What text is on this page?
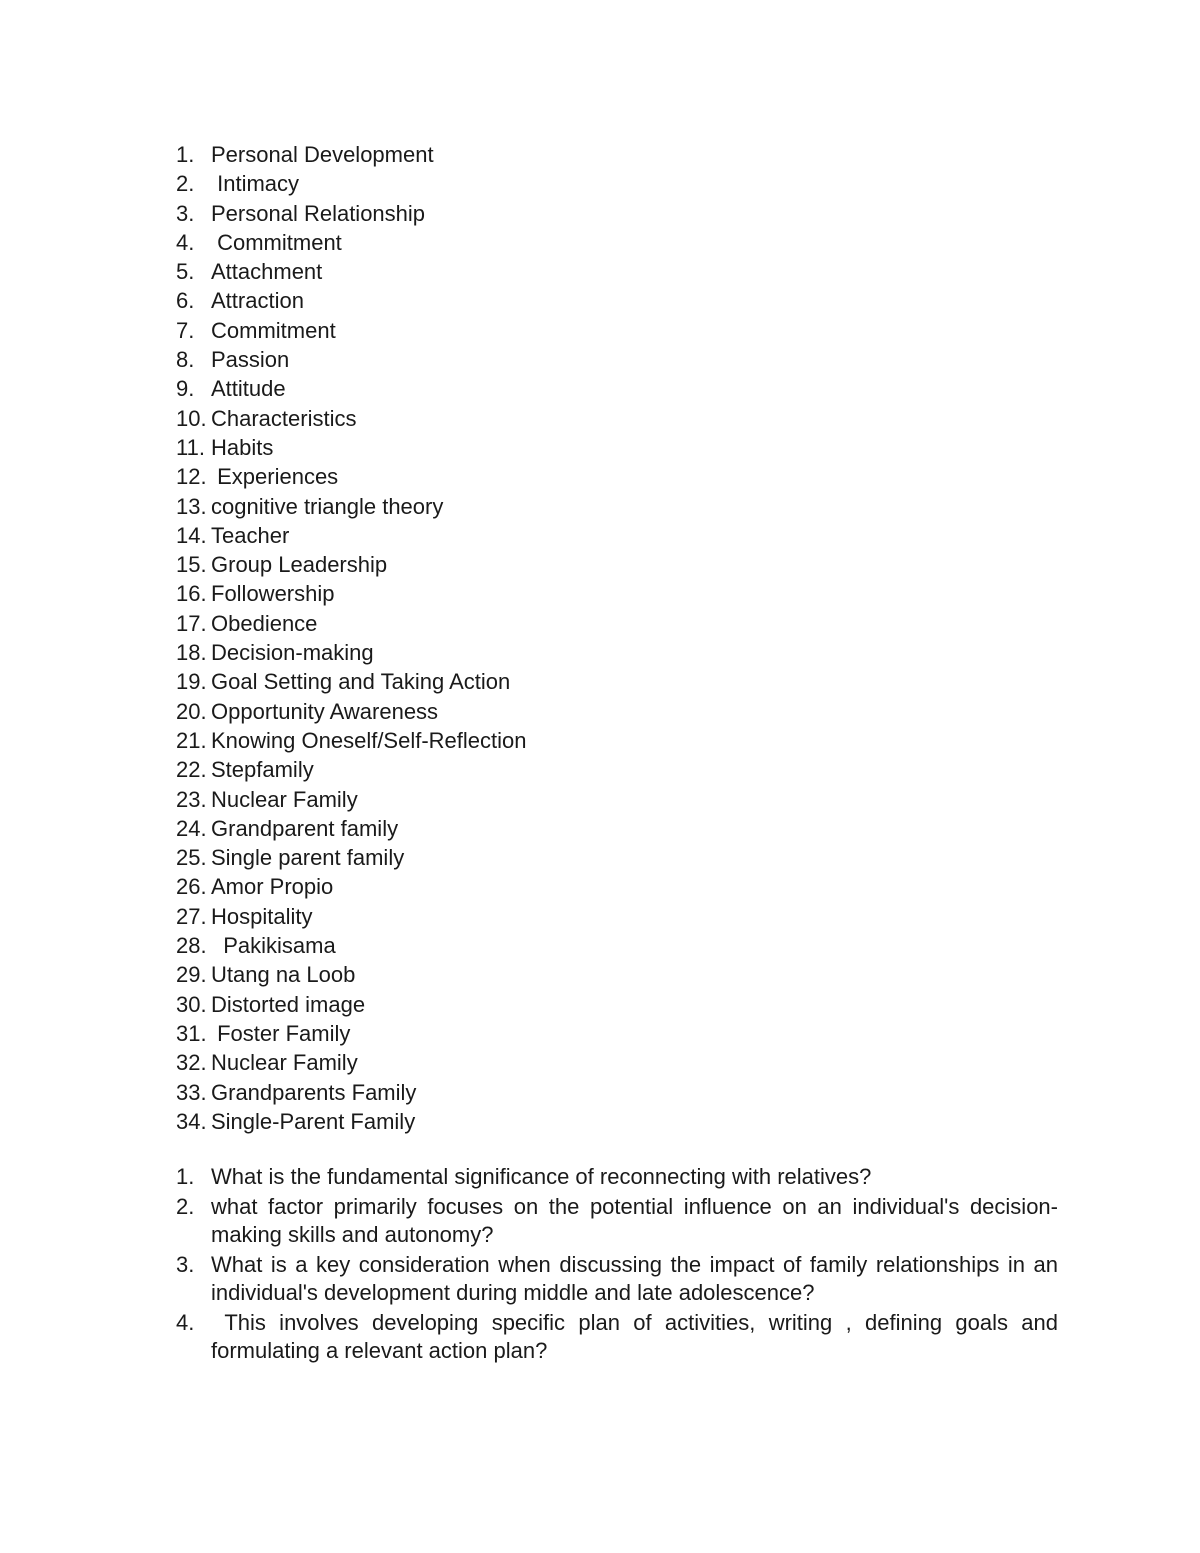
1. Personal Development
2. Intimacy
3. Personal Relationship
4. Commitment
5. Attachment
6. Attraction
7. Commitment
8. Passion
9. Attitude
10. Characteristics
11. Habits
12. Experiences
13. cognitive triangle theory
14. Teacher
15. Group Leadership
16. Followership
17. Obedience
18. Decision-making
19. Goal Setting and Taking Action
20. Opportunity Awareness
21. Knowing Oneself/Self-Reflection
22. Stepfamily
23. Nuclear Family
24. Grandparent family
25. Single parent family
26. Amor Propio
27. Hospitality
28. Pakikisama
29. Utang na Loob
30. Distorted image
31. Foster Family
32. Nuclear Family
33. Grandparents Family
34. Single-Parent Family
1. What is the fundamental significance of reconnecting with relatives?
2. what factor primarily focuses on the potential influence on an individual's decision-making skills and autonomy?
3. What is a key consideration when discussing the impact of family relationships in an individual's development during middle and late adolescence?
4. This involves developing specific plan of activities, writing , defining goals and formulating a relevant action plan?
